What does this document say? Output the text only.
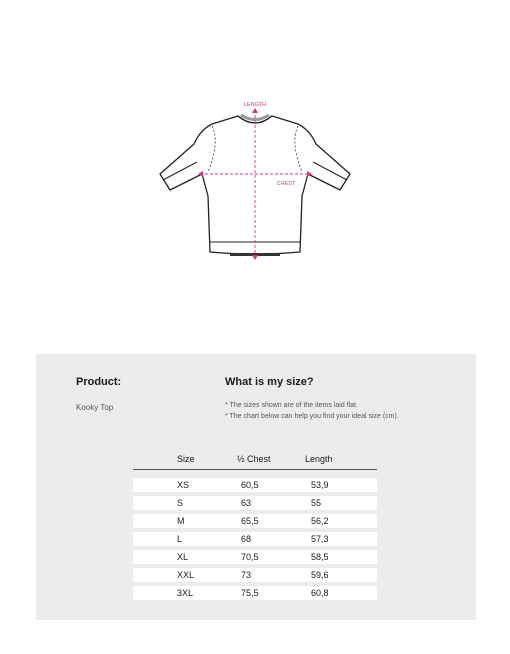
LENGTH
CHEST
Product:
Kooky Top
What is my size?
* The sizes shown are of the items laid flat.
* The chart below can help you find your ideal size (cm).
Size	½ Chest	Length
XS	60,5	53,9
S	63	55
M	65,5	56,2
L	68	57,3
XL	70,5	58,5
XXL	73	59,6
3XL	75,5	60,8
